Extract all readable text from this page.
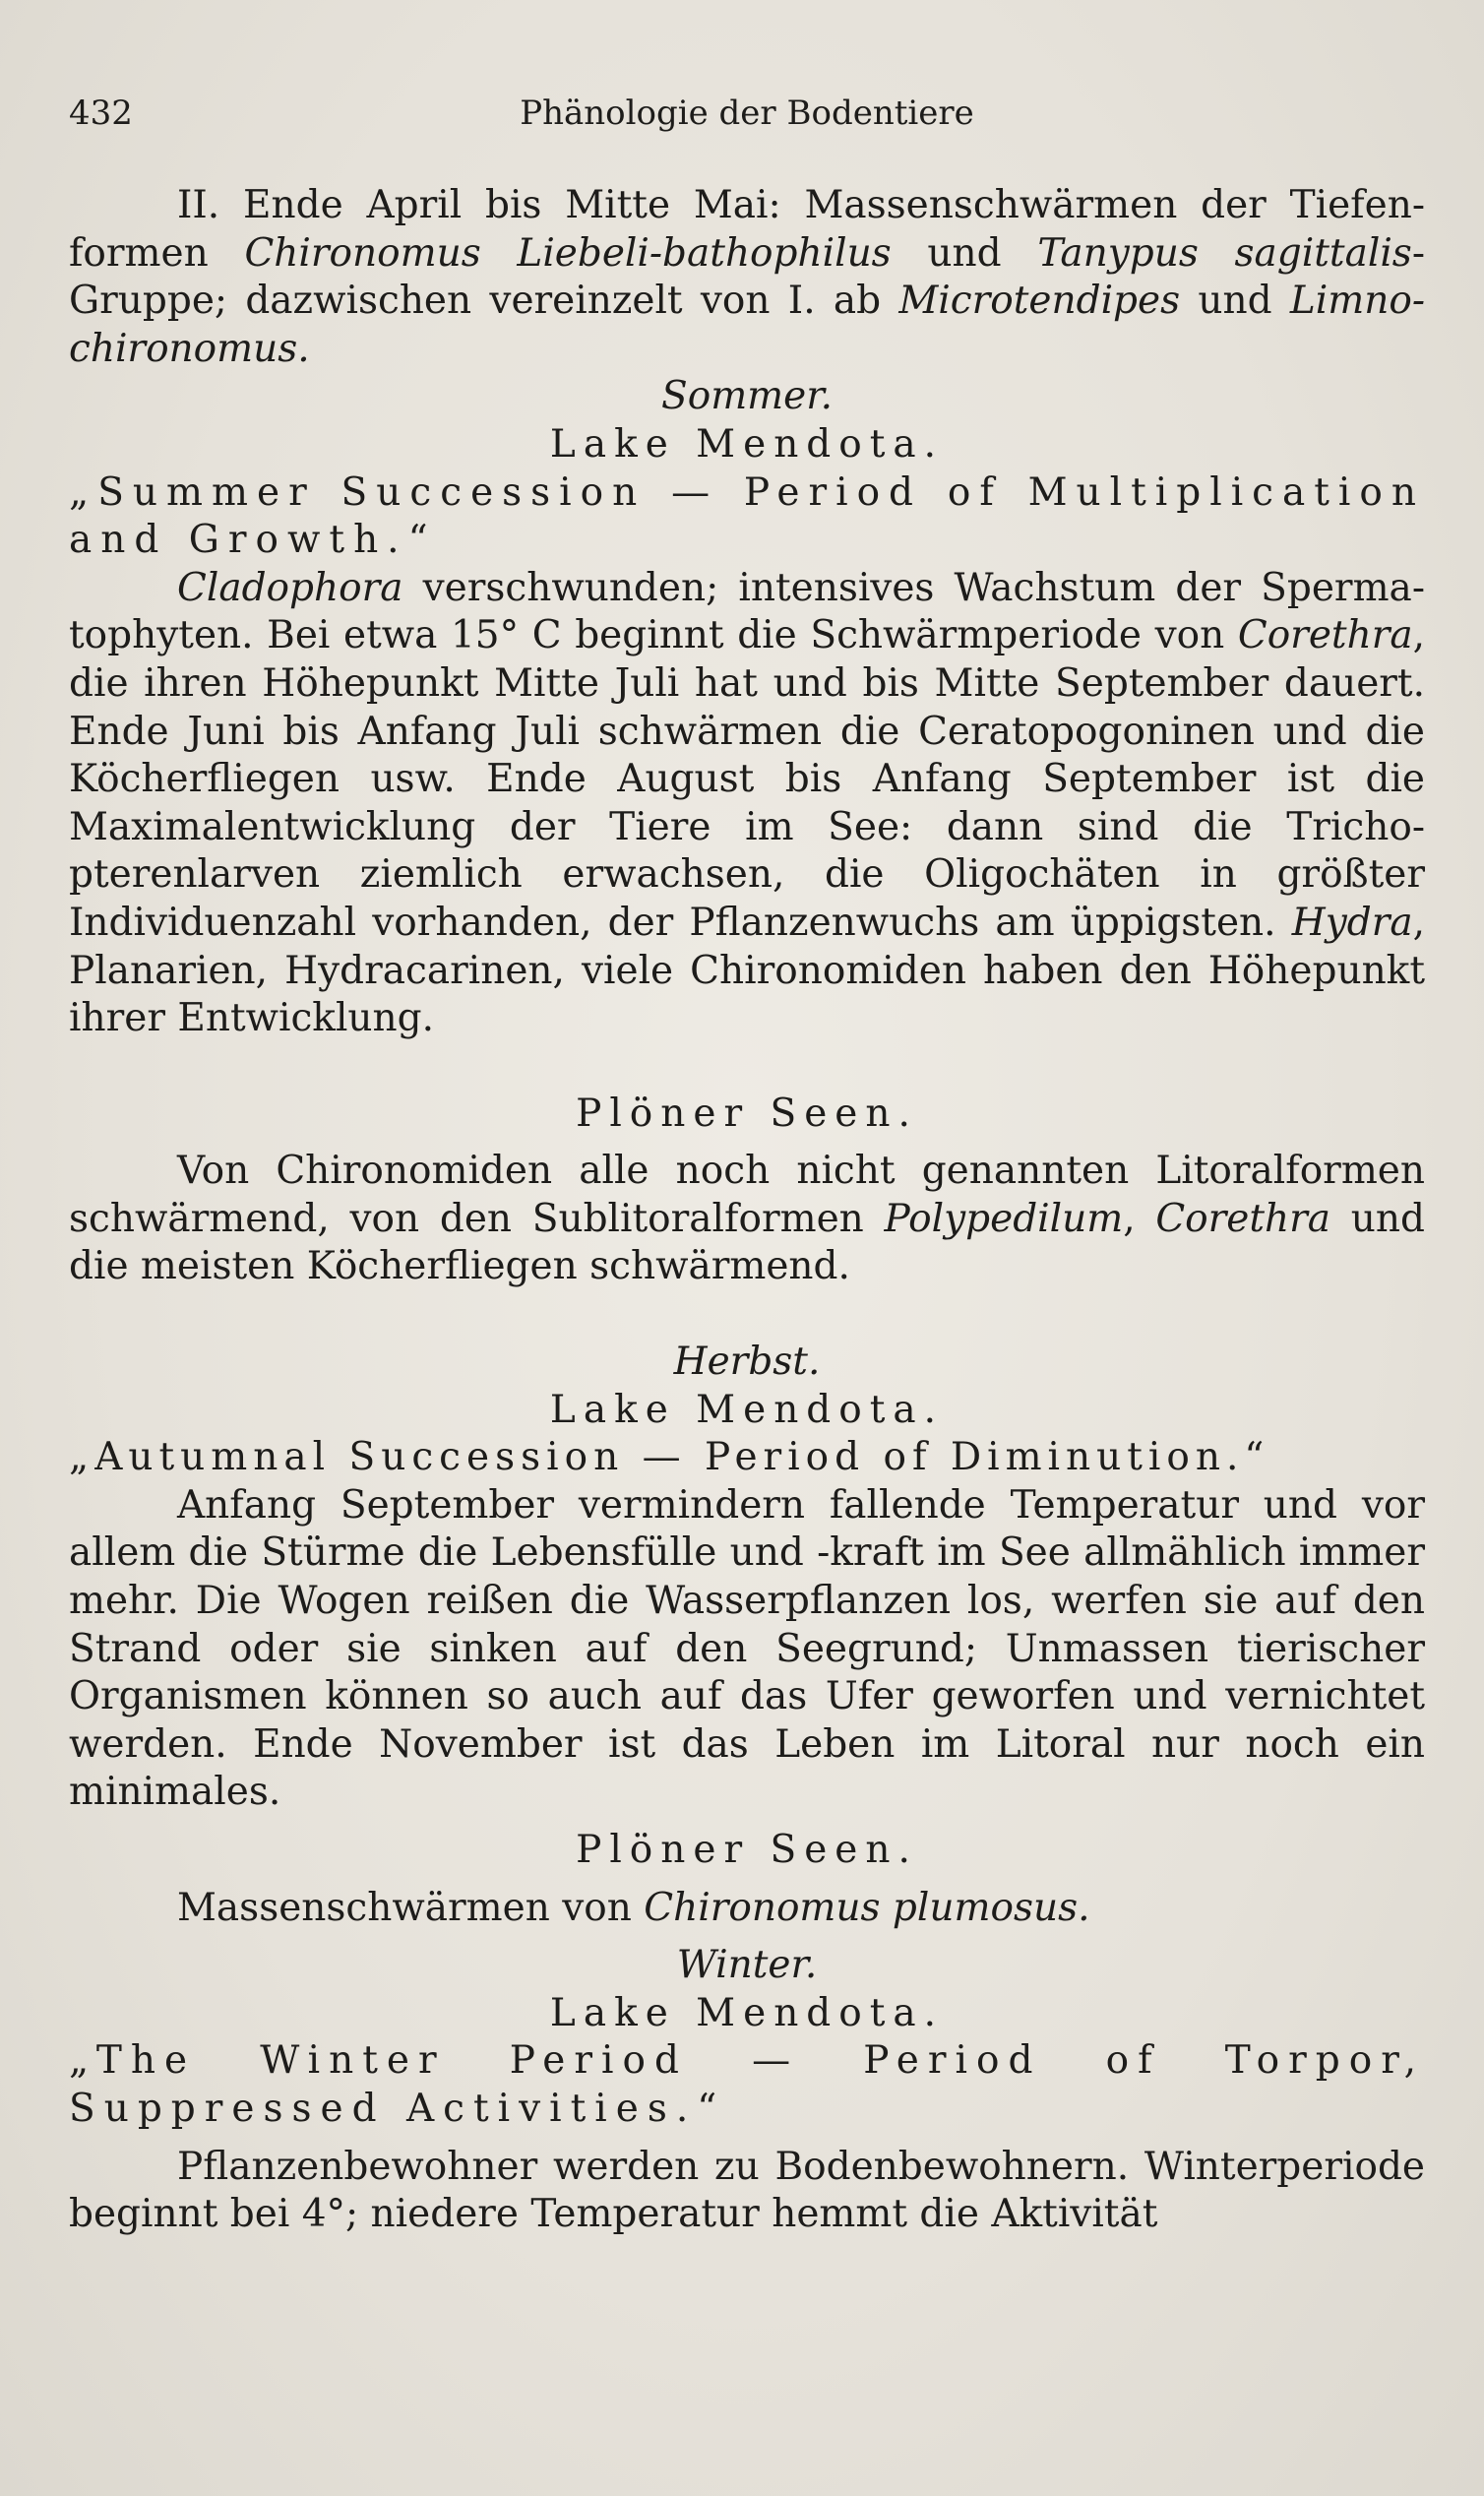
432	Phänologie der Bodentiere

II. Ende April bis Mitte Mai: Massenschwärmen der Tiefenformen Chironomus Liebeli-bathophilus und Tanypus sagittalis-Gruppe; dazwischen vereinzelt von I. ab Microtendipes und Limnochironomus.

Sommer.

Lake Mendota.

„Summer Succession — Period of Multiplication and Growth.“

Cladophora verschwunden; intensives Wachstum der Spermatophyten. Bei etwa 15° C beginnt die Schwärmperiode von Corethra, die ihren Höhepunkt Mitte Juli hat und bis Mitte September dauert. Ende Juni bis Anfang Juli schwärmen die Ceratopogoninen und die Köcherfliegen usw. Ende August bis Anfang September ist die Maximalentwicklung der Tiere im See: dann sind die Trichopterenlarven ziemlich erwachsen, die Oligochäten in größter Individuenzahl vorhanden, der Pflanzenwuchs am üppigsten. Hydra, Planarien, Hydracarinen, viele Chironomiden haben den Höhepunkt ihrer Entwicklung.

Plöner Seen.

Von Chironomiden alle noch nicht genannten Litoralformen schwärmend, von den Sublitoralformen Polypedilum, Corethra und die meisten Köcherfliegen schwärmend.

Herbst.

Lake Mendota.

„Autumnal Succession — Period of Diminution.“

Anfang September vermindern fallende Temperatur und vor allem die Stürme die Lebensfülle und -kraft im See allmählich immer mehr. Die Wogen reißen die Wasserpflanzen los, werfen sie auf den Strand oder sie sinken auf den Seegrund; Unmassen tierischer Organismen können so auch auf das Ufer geworfen und vernichtet werden. Ende November ist das Leben im Litoral nur noch ein minimales.

Plöner Seen.

Massenschwärmen von Chironomus plumosus.

Winter.

Lake Mendota.

„The Winter Period — Period of Torpor, Suppressed Activities.“

Pflanzenbewohner werden zu Bodenbewohnern. Winterperiode beginnt bei 4°; niedere Temperatur hemmt die Aktivität
